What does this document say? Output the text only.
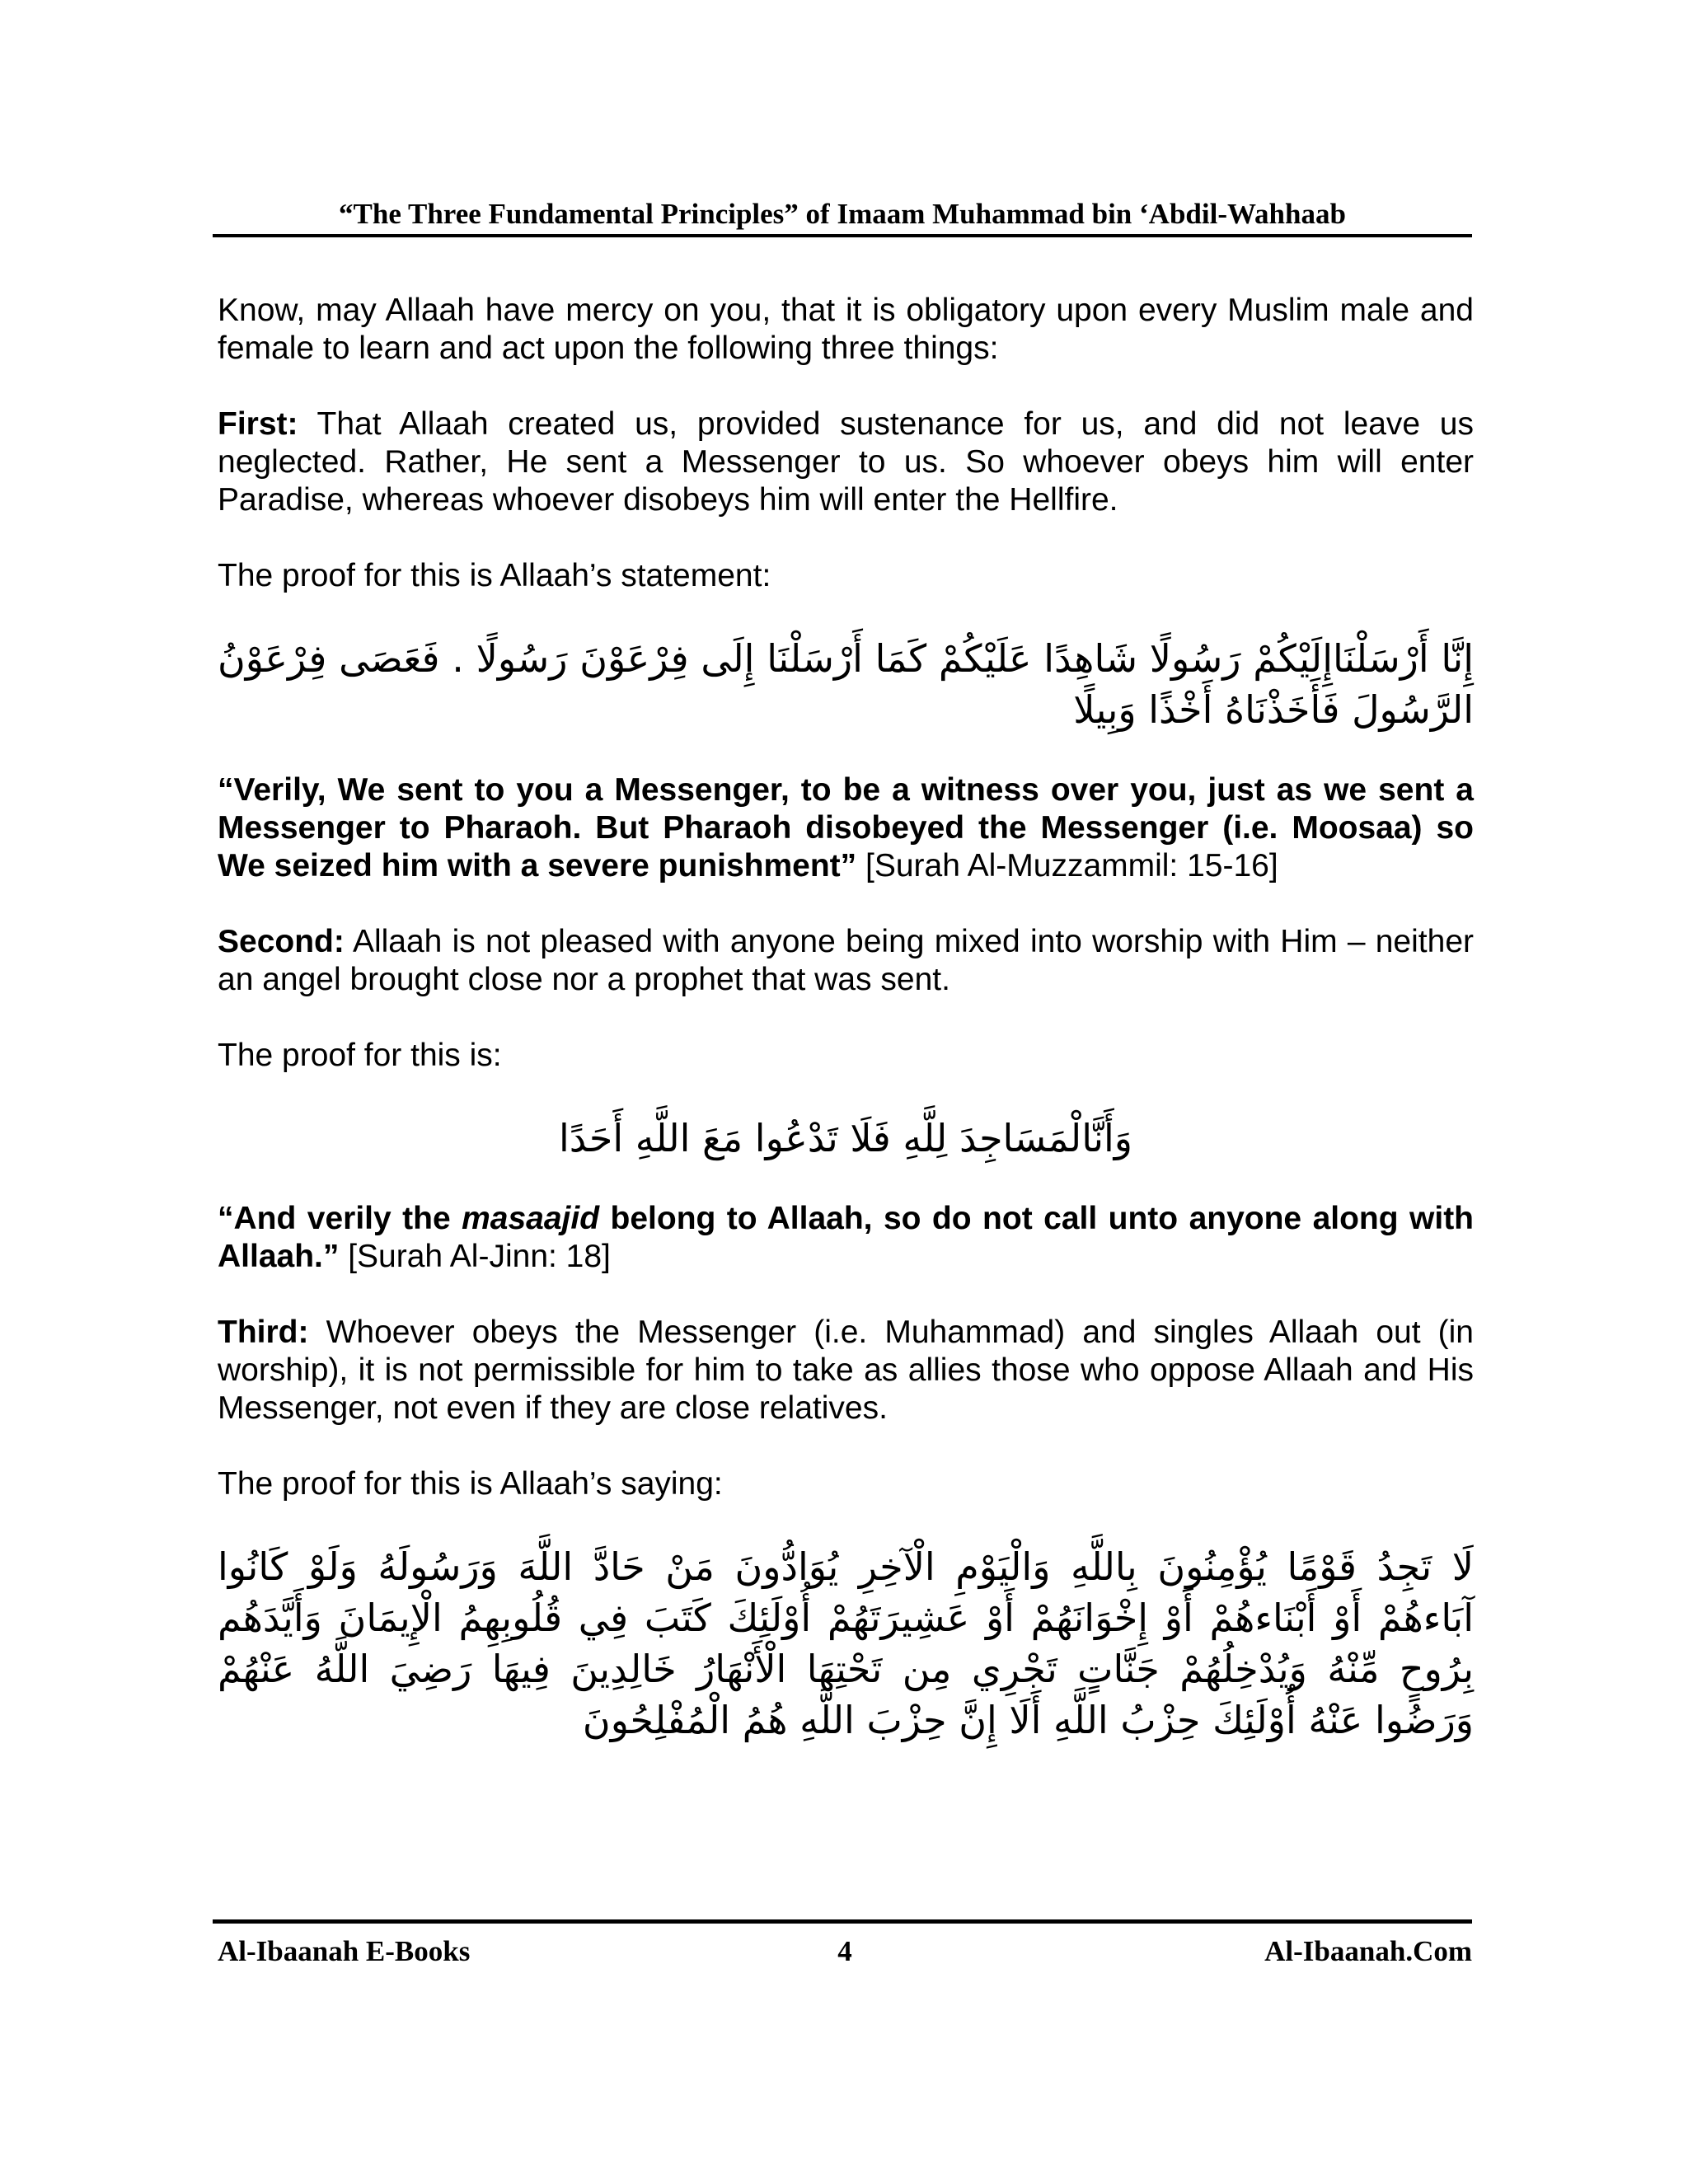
“The Three Fundamental Principles” of Imaam Muhammad bin ‘Abdil-Wahhaab

Know, may Allaah have mercy on you, that it is obligatory upon every Muslim male and female to learn and act upon the following three things:

First: That Allaah created us, provided sustenance for us, and did not leave us neglected. Rather, He sent a Messenger to us. So whoever obeys him will enter Paradise, whereas whoever disobeys him will enter the Hellfire.

The proof for this is Allaah’s statement:

إِنَّا أَرْسَلْنَاإِلَيْكُمْ رَسُولًا شَاهِدًا عَلَيْكُمْ كَمَا أَرْسَلْنَا إِلَى فِرْعَوْنَ رَسُولًا . فَعَصَى فِرْعَوْنُ الرَّسُولَ فَأَخَذْنَاهُ أَخْذًا وَبِيلًا

“Verily, We sent to you a Messenger, to be a witness over you, just as we sent a Messenger to Pharaoh. But Pharaoh disobeyed the Messenger (i.e. Moosaa) so We seized him with a severe punishment” [Surah Al-Muzzammil: 15-16]

Second: Allaah is not pleased with anyone being mixed into worship with Him – neither an angel brought close nor a prophet that was sent.

The proof for this is:

وَأَنَّالْمَسَاجِدَ لِلَّهِ فَلَا تَدْعُوا مَعَ اللَّهِ أَحَدًا

“And verily the masaajid belong to Allaah, so do not call unto anyone along with Allaah.” [Surah Al-Jinn: 18]

Third: Whoever obeys the Messenger (i.e. Muhammad) and singles Allaah out (in worship), it is not permissible for him to take as allies those who oppose Allaah and His Messenger, not even if they are close relatives.

The proof for this is Allaah’s saying:

لَا تَجِدُ قَوْمًا يُؤْمِنُونَ بِاللَّهِ وَالْيَوْمِ الْآخِرِ يُوَادُّونَ مَنْ حَادَّ اللَّهَ وَرَسُولَهُ وَلَوْ كَانُوا آبَاءهُمْ أَوْ أَبْنَاءهُمْ أَوْ إِخْوَانَهُمْ أَوْ عَشِيرَتَهُمْ أُوْلَئِكَ كَتَبَ فِي قُلُوبِهِمُ الْإِيمَانَ وَأَيَّدَهُم بِرُوحٍ مِّنْهُ وَيُدْخِلُهُمْ جَنَّاتٍ تَجْرِي مِن تَحْتِهَا الْأَنْهَارُ خَالِدِينَ فِيهَا رَضِيَ اللَّهُ عَنْهُمْ وَرَضُوا عَنْهُ أُوْلَئِكَ حِزْبُ اللَّهِ أَلَا إِنَّ حِزْبَ اللَّهِ هُمُ الْمُفْلِحُونَ

Al-Ibaanah E-Books	4	Al-Ibaanah.Com
